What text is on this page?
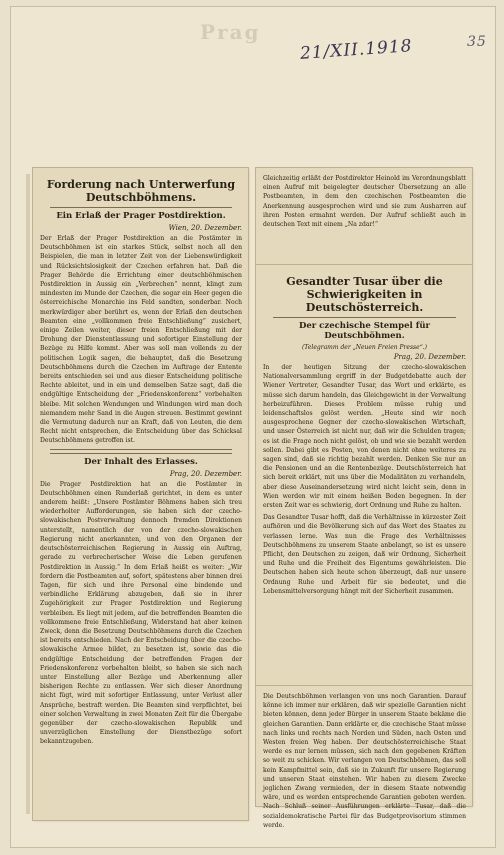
Prag
21/XII.1918	35
Forderung nach Unterwerfung Deutschböhmens.
Ein Erlaß der Prager Postdirektion.
Wien, 20. Dezember.

Der Erlaß der Prager Postdirektion an die Postämter in Deutschböhmen ist ein starkes Stück, selbst noch all den Beispielen, die man in letzter Zeit von der Liebenswürdigkeit und Rücksichtslosigkeit der Czechen erfahren hat. Daß die Prager Behörde die Errichtung einer deutschböhmischen Postdirektion in Aussig ein „Verbrechen“ nennt, klingt zum mindesten im Munde der Czechen, die sogar ein Heer gegen die österreichische Monarchie ins Feld sandten, sonderbar. Noch merkwürdiger aber berührt es, wenn der Erlaß den deutschen Beamten eine „vollkommen freie Entschließung“ zusichert, einige Zeilen weiter, dieser freien Entschließung mit der Drohung der Dienstentlassung und sofortiger Einstellung der Bezüge zu Hilfe kommt. Aber was soll man vollends zu der politischen Logik sagen, die behauptet, daß die Besetzung Deutschböhmens durch die Czechen im Auftrage der Entente bereits entschieden sei und aus dieser Entscheidung politische Rechte ableitet, und in ein und demselben Satze sagt, daß die endgültige Entscheidung der „Friedenskonferenz“ vorbehalten bleibe. Mit solchen Wendungen und Windungen wird man doch niemandem mehr Sand in die Augen streuen. Bestimmt gewinnt die Vermutung dadurch nur an Kraft, daß von Leuten, die dem Recht nicht entsprechen, die Entscheidung über das Schicksal Deutschböhmens getroffen ist.

Der Inhalt des Erlasses.
Prag, 20. Dezember.

Die Prager Postdirektion hat an die Postämter in Deutschböhmen einen Runderlaß gerichtet, in dem es unter anderem heißt: „Unsere Postämter Böhmens haben sich treu wiederholter Aufforderungen, sie haben sich der czecho-slowakischen Postverwaltung dennoch fremden Direktionen unterstellt, namentlich der von der czecho-slowakischen Regierung nicht anerkannten, und von den Organen der deutschösterreichischen Regierung in Aussig ein Auftrag, gerade zu verbrecherischer Weise die Leben gerufenen Postdirektion in Aussig.“ In dem Erlaß heißt es weiter: „Wir fordern die Postbeamten auf, sofort, spätestens aber binnen drei Tagen, für sich und ihre Personal eine bindende und verbindliche Erklärung abzugeben, daß sie in ihrer Zugehörigkeit zur Prager Postdirektion und Regierung verbleiben. Es liegt mit jedem, auf die betreffenden Beamten die vollkommene freie Entschließung, Widerstand hat aber keinen Zweck, denn die Besetzung Deutschböhmens durch die Czechen ist bereits entschieden. Nach der Entscheidung über die czecho-slowakische Armee bildet, zu besetzen ist, sowie das die endgültige Entscheidung der betreffenden Fragen der Friedenskonferenz vorbehalten bleibt, so haben sie sich nach unter Einstellung aller Bezüge und Aberkennung aller bisherigen Rechte zu entlassen. Wer sich dieser Anordnung nicht fügt, wird mit sofortiger Entlassung, unter Verlust aller Ansprüche, bestraft werden. Die Beamten sind verpflichtet, bei einer solchen Verwaltung in zwei Monaten Zeit für die Übergabe gegenüber der czecho-slowakischen Republik und unverzüglichen Einstellung der Dienstbezüge sofort bekanntzugeben.

Gleichzeitig erläßt der Postdirektor Heinold im Verordnungsblatt einen Aufruf mit beigelegter deutscher Übersetzung an alle Postbeamten, in dem den czechischen Postbeamten die Anerkennung ausgesprochen wird und sie zum Ausharren auf ihren Posten ermahnt werden. Der Aufruf schließt auch in deutschen Text mit einem „Na zdar!“

Gesandter Tusar über die Schwierigkeiten in Deutschösterreich.
Der czechische Stempel für Deutschböhmen.
(Telegramm der „Neuen Freien Presse“.)
Prag, 20. Dezember.

In der heutigen Sitzung der czecho-slowakischen Nationalversammlung ergriff in der Budgetdebatte auch der Wiener Vertreter, Gesandter Tusar, das Wort und erklärte, es müsse sich darum handeln, das Gleichgewicht in der Verwaltung herbeizuführen. Dieses Problem müsse ruhig und leidenschaftslos gelöst werden. „Heute sind wir noch ausgesprochene Gegner der czecho-slowakischen Wirtschaft, und unser Österreich ist nicht nur, daß wir die Schulden tragen; es ist die Frage noch nicht gelöst, ob und wie sie bezahlt werden sollen. Dabei gibt es Posten, von denen nicht ohne weiteres zu sagen sind, daß sie richtig bezahlt werden. Denken Sie nur an die Pensionen und an die Rentenbezüge. Deutschösterreich hat sich bereit erklärt, mit uns über die Modalitäten zu verhandeln, aber diese Auseinandersetzung wird nicht leicht sein, denn in Wien werden wir mit einem heißen Boden begegnen. In der ersten Zeit war es schwierig, dort Ordnung und Ruhe zu halten.

Das Gesandter Tusar hofft, daß die Verhältnisse in kürzester Zeit aufhören und die Bevölkerung sich auf das Wort des Staates zu verlassen lerne. Was nun die Frage des Verhältnisses Deutschböhmens zu unserem Staate anbelangt, so ist es unsere Pflicht, den Deutschen zu zeigen, daß wir Ordnung, Sicherheit und Ruhe und die Freiheit des Eigentums gewährleisten. Die Deutschen haben sich heute schon überzeugt, daß nur unsere Ordnung Ruhe und Arbeit für sie bedeutet, und die Lebensmittelversorgung hängt mit der Sicherheit zusammen.

Die Deutschböhmen verlangen von uns noch Garantien. Darauf könne ich immer nur erklären, daß wir spezielle Garantien nicht bieten können, denn jeder Bürger in unserem Staate bekäme die gleichen Garantien. Dann erklärte er, die czechische Staat müsse nach links und rechts nach Norden und Süden, nach Osten und Westen freien Weg haben. Der deutschösterreichische Staat werde es nur lernen müssen, sich nach den gegebenen Kräften so weit zu schicken. Wir verlangen von Deutschböhmen, das soll kein Kampfmittel sein, daß sie in Zukunft für unsere Regierung und unseren Staat einstehen. Wir haben zu diesem Zwecke jeglichen Zwang vermieden, der in diesem Staate notwendig wäre, und es werden entsprechende Garantien geboten werden. Nach Schluß seiner Ausführungen erklärte Tusar, daß die sozialdemokratische Partei für das Budgetprovisorium stimmen werde.
